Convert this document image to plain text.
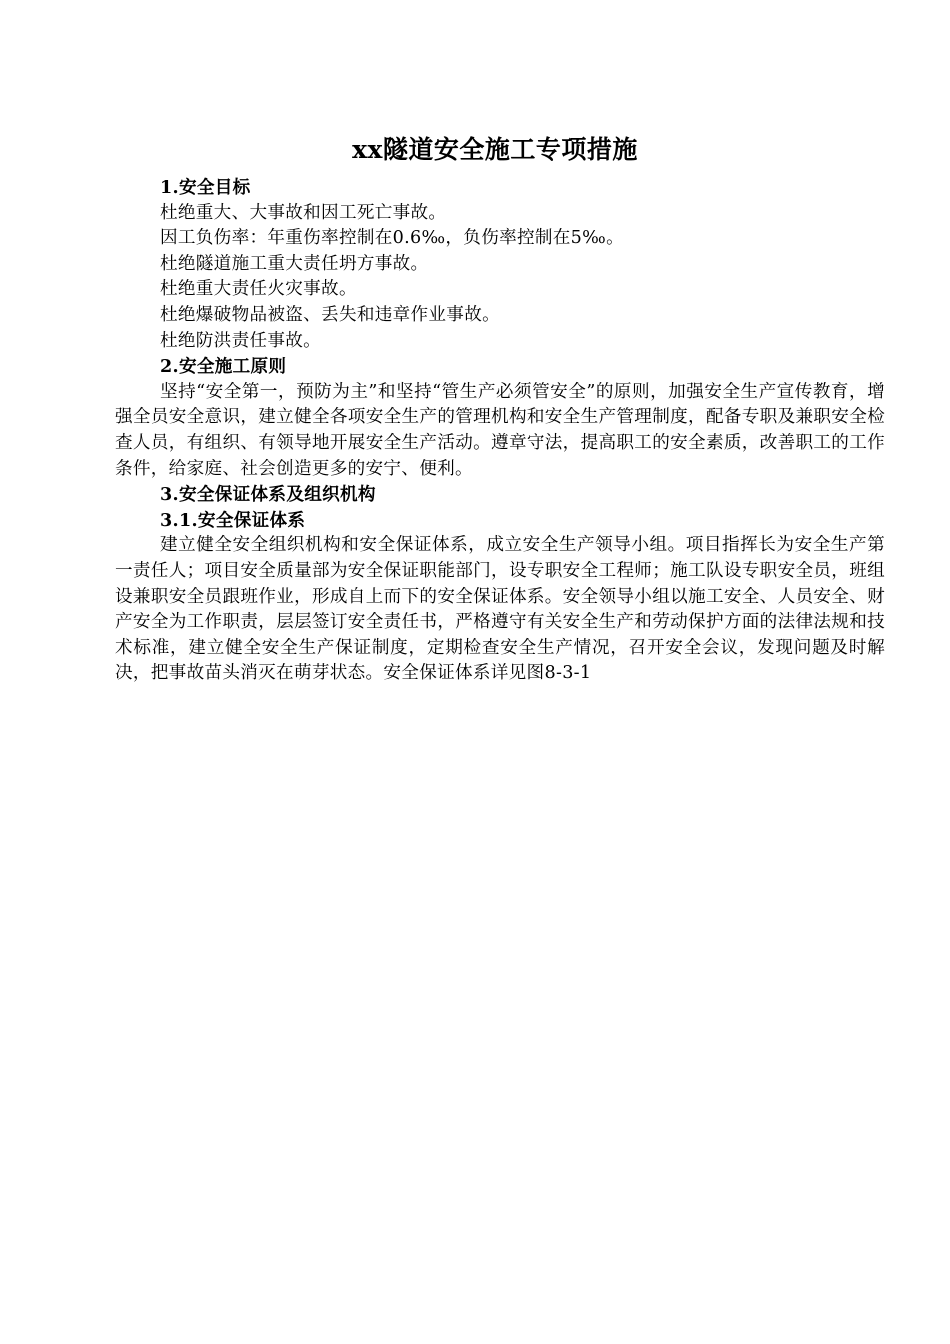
xx隧道安全施工专项措施

1.安全目标

杜绝重大、大事故和因工死亡事故。

因工负伤率：年重伤率控制在0.6‰，负伤率控制在5‰。

杜绝隧道施工重大责任坍方事故。

杜绝重大责任火灾事故。

杜绝爆破物品被盗、丢失和违章作业事故。

杜绝防洪责任事故。

2.安全施工原则

坚持“安全第一，预防为主”和坚持“管生产必须管安全”的原则，加强安全生产宣传教育，增强全员安全意识，建立健全各项安全生产的管理机构和安全生产管理制度，配备专职及兼职安全检查人员，有组织、有领导地开展安全生产活动。遵章守法，提高职工的安全素质，改善职工的工作条件，给家庭、社会创造更多的安宁、便利。

3.安全保证体系及组织机构

3.1.安全保证体系

建立健全安全组织机构和安全保证体系，成立安全生产领导小组。项目指挥长为安全生产第一责任人；项目安全质量部为安全保证职能部门，设专职安全工程师；施工队设专职安全员，班组设兼职安全员跟班作业，形成自上而下的安全保证体系。安全领导小组以施工安全、人员安全、财产安全为工作职责，层层签订安全责任书，严格遵守有关安全生产和劳动保护方面的法律法规和技术标准，建立健全安全生产保证制度，定期检查安全生产情况，召开安全会议，发现问题及时解决，把事故苗头消灭在萌芽状态。安全保证体系详见图8-3-1
